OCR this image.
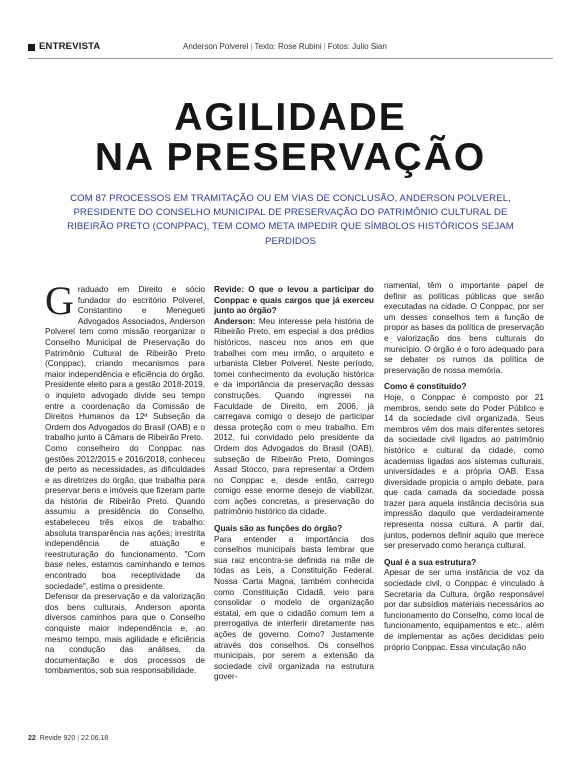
ENTREVISTA	Anderson Polverel | Texto: Rose Rubini | Fotos: Julio Sian
AGILIDADE
NA PRESERVAÇÃO

COM 87 PROCESSOS EM TRAMITAÇÃO OU EM VIAS DE CONCLUSÃO, ANDERSON POLVEREL, PRESIDENTE DO CONSELHO MUNICIPAL DE PRESERVAÇÃO DO PATRIMÔNIO CULTURAL DE RIBEIRÃO PRETO (CONPPAC), TEM COMO META IMPEDIR QUE SÍMBOLOS HISTÓRICOS SEJAM PERDIDOS

Graduado em Direito e sócio fundador do escritório Polverel, Constantino e Menegueti Advogados Associados, Anderson Polverel tem como missão reorganizar o Conselho Municipal de Preservação do Patrimônio Cultural de Ribeirão Preto (Conppac), criando mecanismos para maior independência e eficiência do órgão. Presidente eleito para a gestão 2018-2019, o inquieto advogado divide seu tempo entre a coordenação da Comissão de Direitos Humanos da 12ª Subseção da Ordem dos Advogados do Brasil (OAB) e o trabalho junto à Câmara de Ribeirão Preto.

Como conselheiro do Conppac nas gestões 2012/2015 e 2016/2018, conheceu de perto as necessidades, as dificuldades e as diretrizes do órgão, que trabalha para preservar bens e imóveis que fizeram parte da história de Ribeirão Preto. Quando assumiu a presidência do Conselho, estabeleceu três eixos de trabalho: absoluta transparência nas ações; irrestrita independência de atuação e reestruturação do funcionamento. "Com base neles, estamos caminhando e temos encontrado boa receptividade da sociedade", estima o presidente.

Defensor da preservação e da valorização dos bens culturais, Anderson aponta diversos caminhos para que o Conselho conquiste maior independência e, ao mesmo tempo, mais agilidade e eficiência na condução das análises, da documentação e dos processos de tombamentos, sob sua responsabilidade.

Revide: O que o levou a participar do Conppac e quais cargos que já exerceu junto ao órgão?

Anderson: Meu interesse pela história de Ribeirão Preto, em especial a dos prédios históricos, nasceu nos anos em que trabalhei com meu irmão, o arquiteto e urbanista Cleber Polverel. Neste período, tomei conhecimento da evolução histórica e da importância da preservação dessas construções. Quando ingressei na Faculdade de Direito, em 2006, já carregava comigo o desejo de participar dessa proteção com o meu trabalho. Em 2012, fui convidado pelo presidente da Ordem dos Advogados do Brasil (OAB), subseção de Ribeirão Preto, Domingos Assad Stocco, para representar a Ordem no Conppac e, desde então, carrego comigo esse enorme desejo de viabilizar, com ações concretas, a preservação do patrimônio histórico da cidade.

Quais são as funções do órgão?

Para entender a importância dos conselhos municipais basta lembrar que sua raiz encontra-se definida na mãe de todas as Leis, a Constituição Federal. Nossa Carta Magna, também conhecida como Constituição Cidadã, veio para consolidar o modelo de organização estatal, em que o cidadão comum tem a prerrogativa de interferir diretamente nas ações de governo. Como? Justamente através dos conselhos. Os conselhos municipais, por serem a extensão da sociedade civil organizada na estrutura gover-

namental, têm o importante papel de definir as políticas públicas que serão executadas na cidade. O Conppac, por ser um desses conselhos tem a função de propor as bases da política de preservação e valorização dos bens culturais do município. O órgão é o foro adequado para se debater os rumos da política de preservação de nossa memória.

Como é constituído?

Hoje, o Conppac é composto por 21 membros, sendo sete do Poder Público e 14 da sociedade civil organizada. Seus membros vêm dos mais diferentes setores da sociedade civil ligados ao patrimônio histórico e cultural da cidade, como academias ligadas aos sistemas culturais, universidades e a própria OAB. Essa diversidade propicia o amplo debate, para que cada camada da sociedade possa trazer para aquela instância decisória sua impressão daquilo que verdadeiramente representa nossa cultura. A partir daí, juntos, podemos definir aquilo que merece ser preservado como herança cultural.

Qual é a sua estrutura?

Apesar de ser uma instância de voz da sociedade civil, o Conppac é vinculado à Secretaria da Cultura, órgão responsável por dar subsídios materiais necessários ao funcionamento do Conselho, como local de funcionamento, equipamentos e etc., além de implementar as ações decididas pelo próprio Conppac. Essa vinculação não

22 Revide 920 | 22.06.18
